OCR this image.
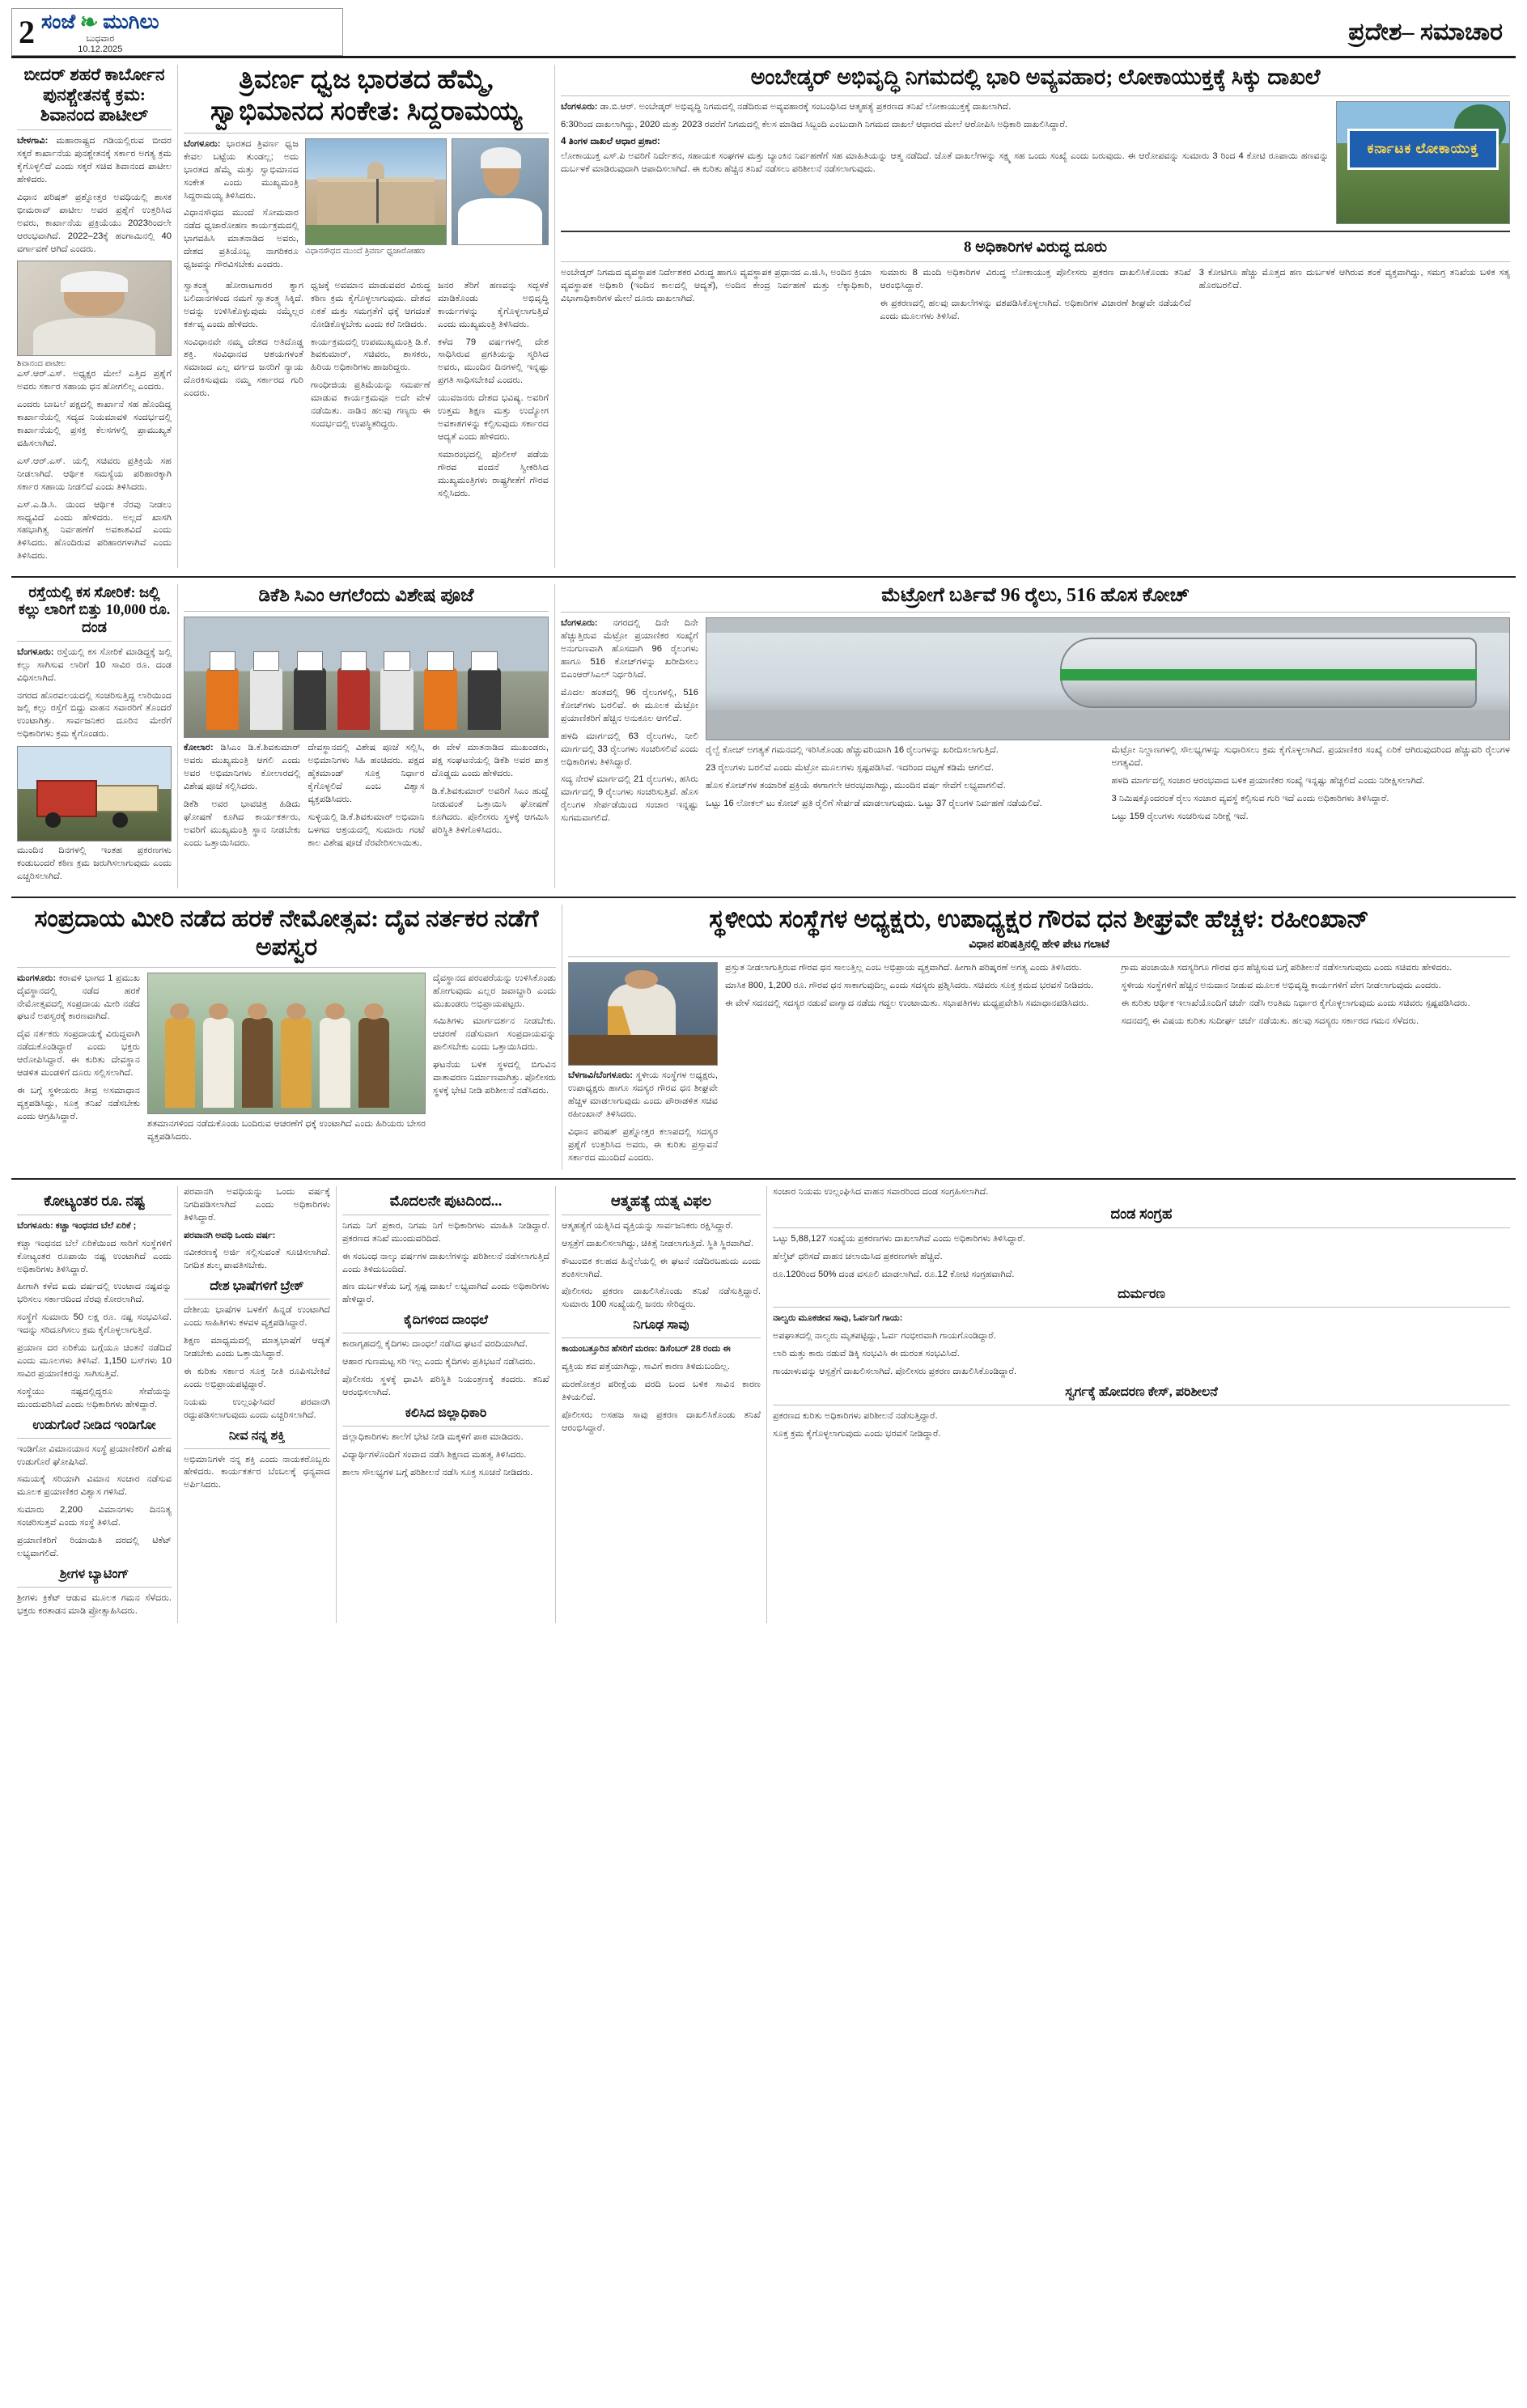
2 ಸಂಜೆ ❧ ಮುಗಿಲು
ಬುಧವಾರ
10.12.2025
ಪ್ರದೇಶ– ಸಮಾಚಾರ
ಬೀದರ್ ಶಹರೆ ಕಾರ್ಬೋನ ಪುನಶ್ಚೇತನಕ್ಕೆ ಕ್ರಮ: ಶಿವಾನಂದ ಪಾಟೀಲ್

ಬೇಳಗಾವಿ: ಮಹಾರಾಷ್ಟ್ರದ ಗಡಿಯಲ್ಲಿರುವ ಬೀದರ ಸಕ್ಕರೆ ಕಾರ್ಖಾನೆಯ ಪುನಶ್ಚೇತನಕ್ಕೆ ಸರ್ಕಾರ ಅಗತ್ಯ ಕ್ರಮ ಕೈಗೊಳ್ಳಲಿದೆ ಎಂದು ಸಕ್ಕರೆ ಸಚಿವ ಶಿವಾನಂದ ಪಾಟೀಲ ಹೇಳಿದರು.

ವಿಧಾನ ಪರಿಷತ್ ಪ್ರಶ್ನೋತ್ತರ ಅವಧಿಯಲ್ಲಿ ಶಾಸಕ ಭೀಮರಾವ್ ಪಾಟೀಲ ಅವರ ಪ್ರಶ್ನೆಗೆ ಉತ್ತರಿಸಿದ ಅವರು, ಕಾರ್ಖಾನೆಯ ಪ್ರಕ್ರಿಯೆಯು 2023ರಿಂದಲೇ ಆರಂಭವಾಗಿದೆ. 2022–23ಕ್ಕೆ ಹಂಗಾಮಿನಲ್ಲಿ 40 ವರ್ಗಾವಣೆ ಆಗಿದೆ ಎಂದರು.

ಶಿವಾನಂದ ಪಾಟೀಲ

ಎಸ್.ಆರ್.ಎಸ್. ಅಧ್ಯಕ್ಷರ ಮೇಲೆ ಎತ್ತಿದ ಪ್ರಶ್ನೆಗೆ ಅವರು ಸರ್ಕಾರ ಸಹಾಯ ಧನ ಹೋಗಲಿಲ್ಲ ಎಂದರು.

ಎಂದರು ಬಾಬಲೆ ಪಕ್ಷದಲ್ಲಿ ಕಾರ್ಖಾನೆ ಸಹ ಹೊಂದಿದ್ದ ಕಾರ್ಖಾನೆಯಲ್ಲಿ ಸದ್ಯದ ನಿಯಮಾವಳಿ ಸಂದರ್ಭದಲ್ಲಿ ಕಾರ್ಖಾನೆಯಲ್ಲಿ ಪ್ರಸಕ್ತ ಕೆಲಸಗಳಲ್ಲಿ ಪ್ರಾಮುಖ್ಯತೆ ವಹಿಸಲಾಗಿದೆ.

ಎಸ್.ಆರ್.ಎಸ್. ಯಲ್ಲಿ ಸಚಿವರು ಪ್ರತಿಕ್ರಿಯೆ ಸಹ ನೀಡಲಾಗಿದೆ. ಆರ್ಥಿಕ ಸಮಸ್ಯೆಯ ಪರಿಹಾರಕ್ಕಾಗಿ ಸರ್ಕಾರ ಸಹಾಯ ನೀಡಲಿದೆ ಎಂದು ತಿಳಿಸಿದರು.

ಎಸ್.ಎ.ಡಿ.ಸಿ. ಯಿಂದ ಆರ್ಥಿಕ ನೆರವು ನೀಡಲು ಸಾಧ್ಯವಿದೆ ಎಂದು ಹೇಳಿದರು. ಅಲ್ಲದೆ ಖಾಸಗಿ ಸಹಭಾಗಿತ್ವ ನಿರ್ವಹಣೆಗೆ ಅವಕಾಶವಿದೆ ಎಂದು ತಿಳಿಸಿದರು. ಹೊಂದಿರುವ ಪರಿಹಾರಗಳಾಗಿವೆ ಎಂದು ತಿಳಿಸಿದರು.

ತ್ರಿವರ್ಣ ಧ್ವಜ ಭಾರತದ ಹೆಮ್ಮೆ, ಸ್ವಾಭಿಮಾನದ ಸಂಕೇತ: ಸಿದ್ದರಾಮಯ್ಯ

ಬೆಂಗಳೂರು: ಭಾರತದ ತ್ರಿವರ್ಣ ಧ್ವಜ ಕೇವಲ ಬಟ್ಟೆಯ ತುಂಡಲ್ಲ; ಅದು ಭಾರತದ ಹೆಮ್ಮೆ ಮತ್ತು ಸ್ವಾಭಿಮಾನದ ಸಂಕೇತ ಎಂದು ಮುಖ್ಯಮಂತ್ರಿ ಸಿದ್ದರಾಮಯ್ಯ ತಿಳಿಸಿದರು.

ವಿಧಾನಸೌಧದ ಮುಂದೆ ಸೋಮವಾರ ನಡೆದ ಧ್ವಜಾರೋಹಣ ಕಾರ್ಯಕ್ರಮದಲ್ಲಿ ಭಾಗವಹಿಸಿ ಮಾತನಾಡಿದ ಅವರು, ದೇಶದ ಪ್ರತಿಯೊಬ್ಬ ನಾಗರಿಕರೂ ಧ್ವಜವನ್ನು ಗೌರವಿಸಬೇಕು ಎಂದರು.

ವಿಧಾನಸೌಧದ ಮುಂದೆ ತ್ರಿವರ್ಣ ಧ್ವಜಾರೋಹಣ

ಸ್ವಾತಂತ್ರ್ಯ ಹೋರಾಟಗಾರರ ತ್ಯಾಗ ಬಲಿದಾನಗಳಿಂದ ನಮಗೆ ಸ್ವಾತಂತ್ರ್ಯ ಸಿಕ್ಕಿದೆ. ಅದನ್ನು ಉಳಿಸಿಕೊಳ್ಳುವುದು ನಮ್ಮೆಲ್ಲರ ಕರ್ತವ್ಯ ಎಂದು ಹೇಳಿದರು.

ಸಂವಿಧಾನವೇ ನಮ್ಮ ದೇಶದ ಅತಿದೊಡ್ಡ ಶಕ್ತಿ. ಸಂವಿಧಾನದ ಆಶಯಗಳಂತೆ ಸಮಾಜದ ಎಲ್ಲ ವರ್ಗದ ಜನರಿಗೆ ನ್ಯಾಯ ದೊರಕಿಸುವುದು ನಮ್ಮ ಸರ್ಕಾರದ ಗುರಿ ಎಂದರು.

ಧ್ವಜಕ್ಕೆ ಅವಮಾನ ಮಾಡುವವರ ವಿರುದ್ಧ ಕಠಿಣ ಕ್ರಮ ಕೈಗೊಳ್ಳಲಾಗುವುದು. ದೇಶದ ಏಕತೆ ಮತ್ತು ಸಮಗ್ರತೆಗೆ ಧಕ್ಕೆ ಆಗದಂತೆ ನೋಡಿಕೊಳ್ಳಬೇಕು ಎಂದು ಕರೆ ನೀಡಿದರು.

ಕಾರ್ಯಕ್ರಮದಲ್ಲಿ ಉಪಮುಖ್ಯಮಂತ್ರಿ ಡಿ.ಕೆ. ಶಿವಕುಮಾರ್, ಸಚಿವರು, ಶಾಸಕರು, ಹಿರಿಯ ಅಧಿಕಾರಿಗಳು ಹಾಜರಿದ್ದರು.

ಗಾಂಧೀಜಿಯ ಪ್ರತಿಮೆಯನ್ನು ಸಮರ್ಪಣೆ ಮಾಡುವ ಕಾರ್ಯಕ್ರಮವೂ ಅದೇ ವೇಳೆ ನಡೆಯಿತು. ನಾಡಿನ ಹಲವು ಗಣ್ಯರು ಈ ಸಂದರ್ಭದಲ್ಲಿ ಉಪಸ್ಥಿತರಿದ್ದರು.

ಜನರ ತೆರಿಗೆ ಹಣವನ್ನು ಸದ್ಬಳಕೆ ಮಾಡಿಕೊಂಡು ಅಭಿವೃದ್ಧಿ ಕಾರ್ಯಗಳನ್ನು ಕೈಗೊಳ್ಳಲಾಗುತ್ತಿದೆ ಎಂದು ಮುಖ್ಯಮಂತ್ರಿ ತಿಳಿಸಿದರು.

ಕಳೆದ 79 ವರ್ಷಗಳಲ್ಲಿ ದೇಶ ಸಾಧಿಸಿರುವ ಪ್ರಗತಿಯನ್ನು ಸ್ಮರಿಸಿದ ಅವರು, ಮುಂದಿನ ದಿನಗಳಲ್ಲಿ ಇನ್ನಷ್ಟು ಪ್ರಗತಿ ಸಾಧಿಸಬೇಕಿದೆ ಎಂದರು.

ಯುವಜನರು ದೇಶದ ಭವಿಷ್ಯ. ಅವರಿಗೆ ಉತ್ತಮ ಶಿಕ್ಷಣ ಮತ್ತು ಉದ್ಯೋಗ ಅವಕಾಶಗಳನ್ನು ಕಲ್ಪಿಸುವುದು ಸರ್ಕಾರದ ಆದ್ಯತೆ ಎಂದು ಹೇಳಿದರು.

ಸಮಾರಂಭದಲ್ಲಿ ಪೊಲೀಸ್ ಪಡೆಯ ಗೌರವ ವಂದನೆ ಸ್ವೀಕರಿಸಿದ ಮುಖ್ಯಮಂತ್ರಿಗಳು ರಾಷ್ಟ್ರಗೀತೆಗೆ ಗೌರವ ಸಲ್ಲಿಸಿದರು.

ಅಂಬೇಡ್ಕರ್ ಅಭಿವೃದ್ಧಿ ನಿಗಮದಲ್ಲಿ ಭಾರಿ ಅವ್ಯವಹಾರ; ಲೋಕಾಯುಕ್ತಕ್ಕೆ ಸಿಕ್ಕು ದಾಖಲೆ

ಬೆಂಗಳೂರು: ಡಾ.ಬಿ.ಆರ್. ಅಂಬೇಡ್ಕರ್ ಅಭಿವೃದ್ಧಿ ನಿಗಮದಲ್ಲಿ ನಡೆದಿರುವ ಅವ್ಯವಹಾರಕ್ಕೆ ಸಂಬಂಧಿಸಿದ ಆತ್ಮಹತ್ಯೆ ಪ್ರಕರಣದ ತನಿಖೆ ಲೋಕಾಯುಕ್ತಕ್ಕೆ ದಾಖಲಾಗಿದೆ.

6:30ರಿಂದ ದಾಖಲಾಗಿದ್ದು, 2020 ಮತ್ತು 2023 ರವರೆಗೆ ನಿಗಮದಲ್ಲಿ ಕೆಲಸ ಮಾಡಿದ ಸಿಬ್ಬಂದಿ ಎಂಬುದಾಗಿ ನಿಗಮದ ದಾಖಲೆ ಆಧಾರದ ಮೇಲೆ ಆರೋಪಿಸಿ ಅಧಿಕಾರಿ ದಾಖಲಿಸಿದ್ದಾರೆ.

4 ತಿಂಗಳ ದಾಖಲೆ ಆಧಾರ ಪ್ರಕಾರ:

ಲೋಕಾಯುಕ್ತ ಎಸ್.ಪಿ ಅವರಿಗೆ ನಿರ್ದೇಶನ, ಸಹಾಯಕ ಸಂಘಗಳ ಮತ್ತು ಬ್ಯಾಂಕಿನ ನಿರ್ವಹಣೆಗೆ ಸಹ ಮಾಹಿತಿಯನ್ನು ಆತ್ಮ ನಡೆದಿದೆ. ಜೊತೆ ದಾಖಲೆಗಳನ್ನು ಸಕ್ಷ್ಮ ಸಹ ಒಂದು ಸಂಖ್ಯೆ ಎಂದು ಬರುವುದು. ಈ ಆರೋಪವನ್ನು ಸುಮಾರು 3 ರಿಂದ 4 ಕೋಟಿ ರೂಪಾಯಿ ಹಣವನ್ನು ದುರ್ಬಳಕೆ ಮಾಡಿರುವುದಾಗಿ ಆಪಾದಿಸಲಾಗಿದೆ. ಈ ಕುರಿತು ಹೆಚ್ಚಿನ ತನಿಖೆ ನಡೆಸಲು ಪರಿಶೀಲನೆ ನಡೆಸಲಾಗುವುದು.

ಕರ್ನಾಟಕ ಲೋಕಾಯುಕ್ತ
8 ಅಧಿಕಾರಿಗಳ ವಿರುದ್ಧ ದೂರು

ಅಂಬೇಡ್ಕರ್ ನಿಗಮದ ವ್ಯವಸ್ಥಾಪಕ ನಿರ್ದೇಶಕರ ವಿರುದ್ಧ ಹಾಗೂ ವ್ಯವಸ್ಥಾಪಕ ಪ್ರಧಾನದ ಎ.ಜಿ.ಸಿ, ಅಂದಿನ ಕ್ರಿಯಾ ವ್ಯವಸ್ಥಾಪಕ ಅಧಿಕಾರಿ (ಇಂದಿನ ಕಾಲದಲ್ಲಿ ಆದ್ಯತೆ), ಅಂದಿನ ಕೇಂದ್ರ ನಿರ್ವಹಣೆ ಮತ್ತು ಲೆಕ್ಕಾಧಿಕಾರಿ, ವಿಭಾಗಾಧಿಕಾರಿಗಳ ಮೇಲೆ ದೂರು ದಾಖಲಾಗಿದೆ.

ಸುಮಾರು 8 ಮಂದಿ ಅಧಿಕಾರಿಗಳ ವಿರುದ್ಧ ಲೋಕಾಯುಕ್ತ ಪೊಲೀಸರು ಪ್ರಕರಣ ದಾಖಲಿಸಿಕೊಂಡು ತನಿಖೆ ಆರಂಭಿಸಿದ್ದಾರೆ.

ಈ ಪ್ರಕರಣದಲ್ಲಿ ಹಲವು ದಾಖಲೆಗಳನ್ನು ವಶಪಡಿಸಿಕೊಳ್ಳಲಾಗಿದೆ. ಅಧಿಕಾರಿಗಳ ವಿಚಾರಣೆ ಶೀಘ್ರವೇ ನಡೆಯಲಿದೆ ಎಂದು ಮೂಲಗಳು ತಿಳಿಸಿವೆ.

3 ಕೋಟಿಗೂ ಹೆಚ್ಚು ಮೊತ್ತದ ಹಣ ದುರ್ಬಳಕೆ ಆಗಿರುವ ಶಂಕೆ ವ್ಯಕ್ತವಾಗಿದ್ದು, ಸಮಗ್ರ ತನಿಖೆಯ ಬಳಿಕ ಸತ್ಯ ಹೊರಬರಲಿದೆ.

ರಸ್ತೆಯಲ್ಲಿ ಕಸ ಸೋರಿಕೆ: ಜಲ್ಲಿ ಕಲ್ಲು ಲಾರಿಗೆ ಬಿತ್ತು 10,000 ರೂ. ದಂಡ

ಬೆಂಗಳೂರು: ರಸ್ತೆಯಲ್ಲಿ ಕಸ ಸೋರಿಕೆ ಮಾಡಿದ್ದಕ್ಕೆ ಜಲ್ಲಿ ಕಲ್ಲು ಸಾಗಿಸುವ ಲಾರಿಗೆ 10 ಸಾವಿರ ರೂ. ದಂಡ ವಿಧಿಸಲಾಗಿದೆ.

ನಗರದ ಹೊರವಲಯದಲ್ಲಿ ಸಂಚರಿಸುತ್ತಿದ್ದ ಲಾರಿಯಿಂದ ಜಲ್ಲಿ ಕಲ್ಲು ರಸ್ತೆಗೆ ಬಿದ್ದು ವಾಹನ ಸವಾರರಿಗೆ ತೊಂದರೆ ಉಂಟಾಗಿತ್ತು. ಸಾರ್ವಜನಿಕರ ದೂರಿನ ಮೇರೆಗೆ ಅಧಿಕಾರಿಗಳು ಕ್ರಮ ಕೈಗೊಂಡರು.

ಮುಂದಿನ ದಿನಗಳಲ್ಲಿ ಇಂತಹ ಪ್ರಕರಣಗಳು ಕಂಡುಬಂದರೆ ಕಠಿಣ ಕ್ರಮ ಜರುಗಿಸಲಾಗುವುದು ಎಂದು ಎಚ್ಚರಿಸಲಾಗಿದೆ.

ಡಿಕೆಶಿ ಸಿಎಂ ಆಗಲೆಂದು ವಿಶೇಷ ಪೂಜೆ

ಕೋಲಾರ: ಡಿಸಿಎಂ ಡಿ.ಕೆ.ಶಿವಕುಮಾರ್ ಅವರು ಮುಖ್ಯಮಂತ್ರಿ ಆಗಲಿ ಎಂದು ಅವರ ಅಭಿಮಾನಿಗಳು ಕೋಲಾರದಲ್ಲಿ ವಿಶೇಷ ಪೂಜೆ ಸಲ್ಲಿಸಿದರು.

ಡಿಕೆಶಿ ಅವರ ಭಾವಚಿತ್ರ ಹಿಡಿದು ಘೋಷಣೆ ಕೂಗಿದ ಕಾರ್ಯಕರ್ತರು, ಅವರಿಗೆ ಮುಖ್ಯಮಂತ್ರಿ ಸ್ಥಾನ ನೀಡಬೇಕು ಎಂದು ಒತ್ತಾಯಿಸಿದರು.

ದೇವಸ್ಥಾನದಲ್ಲಿ ವಿಶೇಷ ಪೂಜೆ ಸಲ್ಲಿಸಿ, ಅಭಿಮಾನಿಗಳು ಸಿಹಿ ಹಂಚಿದರು. ಪಕ್ಷದ ಹೈಕಮಾಂಡ್ ಸೂಕ್ತ ನಿರ್ಧಾರ ಕೈಗೊಳ್ಳಲಿದೆ ಎಂಬ ವಿಶ್ವಾಸ ವ್ಯಕ್ತಪಡಿಸಿದರು.

ಸುಳ್ಳಿಯಲ್ಲಿ ಡಿ.ಕೆ.ಶಿವಕುಮಾರ್ ಅಭಿಮಾನಿ ಬಳಗದ ಆಶ್ರಯದಲ್ಲಿ ಸುಮಾರು ಗಂಟೆ ಕಾಲ ವಿಶೇಷ ಪೂಜೆ ನೆರವೇರಿಸಲಾಯಿತು.

ಈ ವೇಳೆ ಮಾತನಾಡಿದ ಮುಖಂಡರು, ಪಕ್ಷ ಸಂಘಟನೆಯಲ್ಲಿ ಡಿಕೆಶಿ ಅವರ ಪಾತ್ರ ದೊಡ್ಡದು ಎಂದು ಹೇಳಿದರು.

ಡಿ.ಕೆ.ಶಿವಕುಮಾರ್ ಅವರಿಗೆ ಸಿಎಂ ಹುದ್ದೆ ನೀಡುವಂತೆ ಒತ್ತಾಯಿಸಿ ಘೋಷಣೆ ಕೂಗಿದರು. ಪೊಲೀಸರು ಸ್ಥಳಕ್ಕೆ ಆಗಮಿಸಿ ಪರಿಸ್ಥಿತಿ ತಿಳಿಗೊಳಿಸಿದರು.

ಮೆಟ್ರೋಗೆ ಬರ್ತಿವೆ 96 ರೈಲು, 516 ಹೊಸ ಕೋಚ್

ಬೆಂಗಳೂರು: ನಗರದಲ್ಲಿ ದಿನೇ ದಿನೇ ಹೆಚ್ಚುತ್ತಿರುವ ಮೆಟ್ರೋ ಪ್ರಯಾಣಿಕರ ಸಂಖ್ಯೆಗೆ ಅನುಗುಣವಾಗಿ ಹೊಸದಾಗಿ 96 ರೈಲುಗಳು ಹಾಗೂ 516 ಕೋಚ್‌ಗಳನ್ನು ಖರೀದಿಸಲು ಬಿಎಂಆರ್‌ಸಿಎಲ್ ನಿರ್ಧರಿಸಿದೆ.

ಮೊದಲ ಹಂತದಲ್ಲಿ 96 ರೈಲುಗಳಲ್ಲಿ, 516 ಕೋಚ್‌ಗಳು ಬರಲಿವೆ. ಈ ಮೂಲಕ ಮೆಟ್ರೋ ಪ್ರಯಾಣಿಕರಿಗೆ ಹೆಚ್ಚಿನ ಅನುಕೂಲ ಆಗಲಿದೆ.

ಹಳದಿ ಮಾರ್ಗದಲ್ಲಿ 63 ರೈಲುಗಳು, ನೀಲಿ ಮಾರ್ಗದಲ್ಲಿ 33 ರೈಲುಗಳು ಸಂಚರಿಸಲಿವೆ ಎಂದು ಅಧಿಕಾರಿಗಳು ತಿಳಿಸಿದ್ದಾರೆ.

ಸದ್ಯ ನೇರಳೆ ಮಾರ್ಗದಲ್ಲಿ 21 ರೈಲುಗಳು, ಹಸಿರು ಮಾರ್ಗದಲ್ಲಿ 9 ರೈಲುಗಳು ಸಂಚರಿಸುತ್ತಿವೆ. ಹೊಸ ರೈಲುಗಳ ಸೇರ್ಪಡೆಯಿಂದ ಸಂಚಾರ ಇನ್ನಷ್ಟು ಸುಗಮವಾಗಲಿದೆ.

ರೈಲ್ವೆ ಕೋಚ್ ಅಗತ್ಯತೆ ಗಮನದಲ್ಲಿ ಇರಿಸಿಕೊಂಡು ಹೆಚ್ಚುವರಿಯಾಗಿ 16 ರೈಲುಗಳನ್ನು ಖರೀದಿಸಲಾಗುತ್ತಿದೆ.

23 ರೈಲುಗಳು ಬರಲಿವೆ ಎಂದು ಮೆಟ್ರೋ ಮೂಲಗಳು ಸ್ಪಷ್ಟಪಡಿಸಿವೆ. ಇದರಿಂದ ದಟ್ಟಣೆ ಕಡಿಮೆ ಆಗಲಿದೆ.

ಹೊಸ ಕೋಚ್‌ಗಳ ತಯಾರಿಕೆ ಪ್ರಕ್ರಿಯೆ ಈಗಾಗಲೇ ಆರಂಭವಾಗಿದ್ದು, ಮುಂದಿನ ವರ್ಷ ಸೇವೆಗೆ ಲಭ್ಯವಾಗಲಿವೆ.

ಒಟ್ಟು 16 ಲೋಕಲ್ ಟು ಕೋಚ್ ಪ್ರತಿ ರೈಲಿಗೆ ಸೇರ್ಪಡೆ ಮಾಡಲಾಗುವುದು. ಒಟ್ಟು 37 ರೈಲುಗಳ ನಿರ್ವಹಣೆ ನಡೆಯಲಿದೆ.

ಮೆಟ್ರೋ ನಿಲ್ದಾಣಗಳಲ್ಲಿ ಸೌಲಭ್ಯಗಳನ್ನು ಸುಧಾರಿಸಲು ಕ್ರಮ ಕೈಗೊಳ್ಳಲಾಗಿದೆ. ಪ್ರಯಾಣಿಕರ ಸಂಖ್ಯೆ ಏರಿಕೆ ಆಗಿರುವುದರಿಂದ ಹೆಚ್ಚುವರಿ ರೈಲುಗಳ ಅಗತ್ಯವಿದೆ.

ಹಳದಿ ಮಾರ್ಗದಲ್ಲಿ ಸಂಚಾರ ಆರಂಭವಾದ ಬಳಿಕ ಪ್ರಯಾಣಿಕರ ಸಂಖ್ಯೆ ಇನ್ನಷ್ಟು ಹೆಚ್ಚಲಿದೆ ಎಂದು ನಿರೀಕ್ಷಿಸಲಾಗಿದೆ.

3 ನಿಮಿಷಕ್ಕೊಂದರಂತೆ ರೈಲು ಸಂಚಾರ ವ್ಯವಸ್ಥೆ ಕಲ್ಪಿಸುವ ಗುರಿ ಇದೆ ಎಂದು ಅಧಿಕಾರಿಗಳು ತಿಳಿಸಿದ್ದಾರೆ.

ಒಟ್ಟು 159 ರೈಲುಗಳು ಸಂಚರಿಸುವ ನಿರೀಕ್ಷೆ ಇದೆ.

ಸಂಪ್ರದಾಯ ಮೀರಿ ನಡೆದ ಹರಕೆ ನೇಮೋತ್ಸವ: ದೈವ ನರ್ತಕರ ನಡೆಗೆ ಅಪಸ್ವರ

ಮಂಗಳೂರು: ಕರಾವಳಿ ಭಾಗದ 1 ಪ್ರಮುಖ ದೈವಸ್ಥಾನದಲ್ಲಿ ನಡೆದ ಹರಕೆ ನೇಮೋತ್ಸವದಲ್ಲಿ ಸಂಪ್ರದಾಯ ಮೀರಿ ನಡೆದ ಘಟನೆ ಅಪಸ್ವರಕ್ಕೆ ಕಾರಣವಾಗಿದೆ.

ದೈವ ನರ್ತಕರು ಸಂಪ್ರದಾಯಕ್ಕೆ ವಿರುದ್ಧವಾಗಿ ನಡೆದುಕೊಂಡಿದ್ದಾರೆ ಎಂದು ಭಕ್ತರು ಆರೋಪಿಸಿದ್ದಾರೆ. ಈ ಕುರಿತು ದೇವಸ್ಥಾನ ಆಡಳಿತ ಮಂಡಳಿಗೆ ದೂರು ಸಲ್ಲಿಸಲಾಗಿದೆ.

ಈ ಬಗ್ಗೆ ಸ್ಥಳೀಯರು ತೀವ್ರ ಅಸಮಾಧಾನ ವ್ಯಕ್ತಪಡಿಸಿದ್ದು, ಸೂಕ್ತ ತನಿಖೆ ನಡೆಸಬೇಕು ಎಂದು ಆಗ್ರಹಿಸಿದ್ದಾರೆ.

ಶತಮಾನಗಳಿಂದ ನಡೆದುಕೊಂಡು ಬಂದಿರುವ ಆಚರಣೆಗೆ ಧಕ್ಕೆ ಉಂಟಾಗಿದೆ ಎಂದು ಹಿರಿಯರು ಬೇಸರ ವ್ಯಕ್ತಪಡಿಸಿದರು.

ದೈವಸ್ಥಾನದ ಪರಂಪರೆಯನ್ನು ಉಳಿಸಿಕೊಂಡು ಹೋಗುವುದು ಎಲ್ಲರ ಜವಾಬ್ದಾರಿ ಎಂದು ಮುಖಂಡರು ಅಭಿಪ್ರಾಯಪಟ್ಟರು.

ಸಮಿತಿಗಳು ಮಾರ್ಗದರ್ಶನ ನೀಡಬೇಕು. ಆಚರಣೆ ನಡೆಸುವಾಗ ಸಂಪ್ರದಾಯವನ್ನು ಪಾಲಿಸಬೇಕು ಎಂದು ಒತ್ತಾಯಿಸಿದರು.

ಘಟನೆಯ ಬಳಿಕ ಸ್ಥಳದಲ್ಲಿ ಬಿಗುವಿನ ವಾತಾವರಣ ನಿರ್ಮಾಣವಾಗಿತ್ತು. ಪೊಲೀಸರು ಸ್ಥಳಕ್ಕೆ ಭೇಟಿ ನೀಡಿ ಪರಿಶೀಲನೆ ನಡೆಸಿದರು.

ಸ್ಥಳೀಯ ಸಂಸ್ಥೆಗಳ ಅಧ್ಯಕ್ಷರು, ಉಪಾಧ್ಯಕ್ಷರ ಗೌರವ ಧನ ಶೀಘ್ರವೇ ಹೆಚ್ಚಳ: ರಹೀಂಖಾನ್
ವಿಧಾನ ಪರಿಷತ್ತಿನಲ್ಲಿ ಹೇಳಿ ಪೇಟ ಗಲಾಟೆ

ಬೆಳಗಾವಿ/ಬೆಂಗಳೂರು: ಸ್ಥಳೀಯ ಸಂಸ್ಥೆಗಳ ಅಧ್ಯಕ್ಷರು, ಉಪಾಧ್ಯಕ್ಷರು ಹಾಗೂ ಸದಸ್ಯರ ಗೌರವ ಧನ ಶೀಘ್ರವೇ ಹೆಚ್ಚಳ ಮಾಡಲಾಗುವುದು ಎಂದು ಪೌರಾಡಳಿತ ಸಚಿವ ರಹೀಂಖಾನ್ ತಿಳಿಸಿದರು.

ವಿಧಾನ ಪರಿಷತ್ ಪ್ರಶ್ನೋತ್ತರ ಕಲಾಪದಲ್ಲಿ ಸದಸ್ಯರ ಪ್ರಶ್ನೆಗೆ ಉತ್ತರಿಸಿದ ಅವರು, ಈ ಕುರಿತು ಪ್ರಸ್ತಾವನೆ ಸರ್ಕಾರದ ಮುಂದಿದೆ ಎಂದರು.

ಪ್ರಸ್ತುತ ನೀಡಲಾಗುತ್ತಿರುವ ಗೌರವ ಧನ ಸಾಲುತ್ತಿಲ್ಲ ಎಂಬ ಅಭಿಪ್ರಾಯ ವ್ಯಕ್ತವಾಗಿದೆ. ಹೀಗಾಗಿ ಪರಿಷ್ಕರಣೆ ಅಗತ್ಯ ಎಂದು ತಿಳಿಸಿದರು.

ಮಾಸಿಕ 800, 1,200 ರೂ. ಗೌರವ ಧನ ಸಾಕಾಗುವುದಿಲ್ಲ ಎಂದು ಸದಸ್ಯರು ಪ್ರಶ್ನಿಸಿದರು. ಸಚಿವರು ಸೂಕ್ತ ಕ್ರಮದ ಭರವಸೆ ನೀಡಿದರು.

ಈ ವೇಳೆ ಸದನದಲ್ಲಿ ಸದಸ್ಯರ ನಡುವೆ ವಾಗ್ವಾದ ನಡೆದು ಗದ್ದಲ ಉಂಟಾಯಿತು. ಸಭಾಪತಿಗಳು ಮಧ್ಯಪ್ರವೇಶಿಸಿ ಸಮಾಧಾನಪಡಿಸಿದರು.

ಗ್ರಾಮ ಪಂಚಾಯಿತಿ ಸದಸ್ಯರಿಗೂ ಗೌರವ ಧನ ಹೆಚ್ಚಿಸುವ ಬಗ್ಗೆ ಪರಿಶೀಲನೆ ನಡೆಸಲಾಗುವುದು ಎಂದು ಸಚಿವರು ಹೇಳಿದರು.

ಸ್ಥಳೀಯ ಸಂಸ್ಥೆಗಳಿಗೆ ಹೆಚ್ಚಿನ ಅನುದಾನ ನೀಡುವ ಮೂಲಕ ಅಭಿವೃದ್ಧಿ ಕಾರ್ಯಗಳಿಗೆ ವೇಗ ನೀಡಲಾಗುವುದು ಎಂದರು.

ಈ ಕುರಿತು ಆರ್ಥಿಕ ಇಲಾಖೆಯೊಂದಿಗೆ ಚರ್ಚೆ ನಡೆಸಿ ಅಂತಿಮ ನಿರ್ಧಾರ ಕೈಗೊಳ್ಳಲಾಗುವುದು ಎಂದು ಸಚಿವರು ಸ್ಪಷ್ಟಪಡಿಸಿದರು.

ಸದನದಲ್ಲಿ ಈ ವಿಷಯ ಕುರಿತು ಸುದೀರ್ಘ ಚರ್ಚೆ ನಡೆಯಿತು. ಹಲವು ಸದಸ್ಯರು ಸರ್ಕಾರದ ಗಮನ ಸೆಳೆದರು.

ಕೋಟ್ಯಂತರ ರೂ. ನಷ್ಟ

ಬೆಂಗಳೂರು: ಕಚ್ಚಾ ಇಂಧನದ ಬೆಲೆ ಏರಿಕೆ ;

ಕಚ್ಚಾ ಇಂಧನದ ಬೆಲೆ ಏರಿಕೆಯಿಂದ ಸಾರಿಗೆ ಸಂಸ್ಥೆಗಳಿಗೆ ಕೋಟ್ಯಂತರ ರೂಪಾಯಿ ನಷ್ಟ ಉಂಟಾಗಿದೆ ಎಂದು ಅಧಿಕಾರಿಗಳು ತಿಳಿಸಿದ್ದಾರೆ.

ಹೀಗಾಗಿ ಕಳೆದ ಐದು ವರ್ಷದಲ್ಲಿ ಉಂಟಾದ ನಷ್ಟವನ್ನು ಭರಿಸಲು ಸರ್ಕಾರದಿಂದ ನೆರವು ಕೋರಲಾಗಿದೆ.

ಸಂಸ್ಥೆಗೆ ಸುಮಾರು 50 ಲಕ್ಷ ರೂ. ನಷ್ಟ ಸಂಭವಿಸಿದೆ. ಇದನ್ನು ಸರಿದೂಗಿಸಲು ಕ್ರಮ ಕೈಗೊಳ್ಳಲಾಗುತ್ತಿದೆ.

ಪ್ರಯಾಣ ದರ ಏರಿಕೆಯ ಬಗ್ಗೆಯೂ ಚಿಂತನೆ ನಡೆದಿದೆ ಎಂದು ಮೂಲಗಳು ತಿಳಿಸಿವೆ. 1,150 ಬಸ್‌ಗಳು 10 ಸಾವಿರ ಪ್ರಯಾಣಿಕರನ್ನು ಸಾಗಿಸುತ್ತಿವೆ.

ಸಂಸ್ಥೆಯು ನಷ್ಟದಲ್ಲಿದ್ದರೂ ಸೇವೆಯನ್ನು ಮುಂದುವರಿಸಿದೆ ಎಂದು ಅಧಿಕಾರಿಗಳು ಹೇಳಿದ್ದಾರೆ.

ಉಡುಗೊರೆ ನೀಡಿದ ಇಂಡಿಗೋ

ಇಂಡಿಗೋ ವಿಮಾನಯಾನ ಸಂಸ್ಥೆ ಪ್ರಯಾಣಿಕರಿಗೆ ವಿಶೇಷ ಉಡುಗೊರೆ ಘೋಷಿಸಿದೆ.

ಸಮಯಕ್ಕೆ ಸರಿಯಾಗಿ ವಿಮಾನ ಸಂಚಾರ ನಡೆಸುವ ಮೂಲಕ ಪ್ರಯಾಣಿಕರ ವಿಶ್ವಾಸ ಗಳಿಸಿದೆ.

ಸುಮಾರು 2,200 ವಿಮಾನಗಳು ದಿನನಿತ್ಯ ಸಂಚರಿಸುತ್ತವೆ ಎಂದು ಸಂಸ್ಥೆ ತಿಳಿಸಿದೆ.

ಪ್ರಯಾಣಿಕರಿಗೆ ರಿಯಾಯಿತಿ ದರದಲ್ಲಿ ಟಿಕೆಟ್ ಲಭ್ಯವಾಗಲಿದೆ.

ಶ್ರೀಗಳ ಬ್ಯಾಟಿಂಗ್

ಶ್ರೀಗಳು ಕ್ರಿಕೆಟ್ ಆಡುವ ಮೂಲಕ ಗಮನ ಸೆಳೆದರು. ಭಕ್ತರು ಕರತಾಡನ ಮಾಡಿ ಪ್ರೋತ್ಸಾಹಿಸಿದರು.

ಪರವಾನಗಿ ಅವಧಿಯನ್ನು ಒಂದು ವರ್ಷಕ್ಕೆ ನಿಗದಿಪಡಿಸಲಾಗಿದೆ ಎಂದು ಅಧಿಕಾರಿಗಳು ತಿಳಿಸಿದ್ದಾರೆ.

ಪರವಾನಗಿ ಅವಧಿ ಒಂದು ವರ್ಷ:

ನವೀಕರಣಕ್ಕೆ ಅರ್ಜಿ ಸಲ್ಲಿಸುವಂತೆ ಸೂಚಿಸಲಾಗಿದೆ. ನಿಗದಿತ ಶುಲ್ಕ ಪಾವತಿಸಬೇಕು.

ದೇಶ ಭಾಷೆಗಳಿಗೆ ಬ್ರೇಕ್

ದೇಶೀಯ ಭಾಷೆಗಳ ಬಳಕೆಗೆ ಹಿನ್ನಡೆ ಉಂಟಾಗಿದೆ ಎಂದು ಸಾಹಿತಿಗಳು ಕಳವಳ ವ್ಯಕ್ತಪಡಿಸಿದ್ದಾರೆ.

ಶಿಕ್ಷಣ ಮಾಧ್ಯಮದಲ್ಲಿ ಮಾತೃಭಾಷೆಗೆ ಆದ್ಯತೆ ನೀಡಬೇಕು ಎಂದು ಒತ್ತಾಯಿಸಿದ್ದಾರೆ.

ಈ ಕುರಿತು ಸರ್ಕಾರ ಸೂಕ್ತ ನೀತಿ ರೂಪಿಸಬೇಕಿದೆ ಎಂದು ಅಭಿಪ್ರಾಯಪಟ್ಟಿದ್ದಾರೆ.

ನಿಯಮ ಉಲ್ಲಂಘಿಸಿದರೆ ಪರವಾನಗಿ ರದ್ದುಪಡಿಸಲಾಗುವುದು ಎಂದು ಎಚ್ಚರಿಸಲಾಗಿದೆ.

ನೀವ ನನ್ನ ಶಕ್ತಿ

ಅಭಿಮಾನಿಗಳೇ ನನ್ನ ಶಕ್ತಿ ಎಂದು ನಾಯಕರೊಬ್ಬರು ಹೇಳಿದರು. ಕಾರ್ಯಕರ್ತರ ಬೆಂಬಲಕ್ಕೆ ಧನ್ಯವಾದ ಅರ್ಪಿಸಿದರು.

ಮೊದಲನೇ ಪುಟದಿಂದ...

ನಿಗಮ ನಿಗೆ ಪ್ರಕಾರ, ನಿಗಮ ನಿಗೆ ಅಧಿಕಾರಿಗಳು ಮಾಹಿತಿ ನೀಡಿದ್ದಾರೆ. ಪ್ರಕರಣದ ತನಿಖೆ ಮುಂದುವರಿದಿದೆ.

ಈ ಸಂಬಂಧ ನಾಲ್ಕು ವರ್ಷಗಳ ದಾಖಲೆಗಳನ್ನು ಪರಿಶೀಲನೆ ನಡೆಸಲಾಗುತ್ತಿದೆ ಎಂದು ತಿಳಿದುಬಂದಿದೆ.

ಹಣ ದುರ್ಬಳಕೆಯ ಬಗ್ಗೆ ಸ್ಪಷ್ಟ ದಾಖಲೆ ಲಭ್ಯವಾಗಿದೆ ಎಂದು ಅಧಿಕಾರಿಗಳು ಹೇಳಿದ್ದಾರೆ.

ಕೈದಿಗಳಿಂದ ದಾಂಧಲೆ

ಕಾರಾಗೃಹದಲ್ಲಿ ಕೈದಿಗಳು ದಾಂಧಲೆ ನಡೆಸಿದ ಘಟನೆ ವರದಿಯಾಗಿದೆ.

ಆಹಾರ ಗುಣಮಟ್ಟ ಸರಿ ಇಲ್ಲ ಎಂದು ಕೈದಿಗಳು ಪ್ರತಿಭಟನೆ ನಡೆಸಿದರು.

ಪೊಲೀಸರು ಸ್ಥಳಕ್ಕೆ ಧಾವಿಸಿ ಪರಿಸ್ಥಿತಿ ನಿಯಂತ್ರಣಕ್ಕೆ ತಂದರು. ತನಿಖೆ ಆರಂಭಿಸಲಾಗಿದೆ.

ಕಲಿಸಿದ ಜಿಲ್ಲಾಧಿಕಾರಿ

ಜಿಲ್ಲಾಧಿಕಾರಿಗಳು ಶಾಲೆಗೆ ಭೇಟಿ ನೀಡಿ ಮಕ್ಕಳಿಗೆ ಪಾಠ ಮಾಡಿದರು.

ವಿದ್ಯಾರ್ಥಿಗಳೊಂದಿಗೆ ಸಂವಾದ ನಡೆಸಿ ಶಿಕ್ಷಣದ ಮಹತ್ವ ತಿಳಿಸಿದರು.

ಶಾಲಾ ಸೌಲಭ್ಯಗಳ ಬಗ್ಗೆ ಪರಿಶೀಲನೆ ನಡೆಸಿ ಸೂಕ್ತ ಸೂಚನೆ ನೀಡಿದರು.

ಆತ್ಮಹತ್ಯೆ ಯತ್ನ ವಿಫಲ

ಆತ್ಮಹತ್ಯೆಗೆ ಯತ್ನಿಸಿದ ವ್ಯಕ್ತಿಯನ್ನು ಸಾರ್ವಜನಿಕರು ರಕ್ಷಿಸಿದ್ದಾರೆ.

ಆಸ್ಪತ್ರೆಗೆ ದಾಖಲಿಸಲಾಗಿದ್ದು, ಚಿಕಿತ್ಸೆ ನೀಡಲಾಗುತ್ತಿದೆ. ಸ್ಥಿತಿ ಸ್ಥಿರವಾಗಿದೆ.

ಕೌಟುಂಬಿಕ ಕಲಹದ ಹಿನ್ನೆಲೆಯಲ್ಲಿ ಈ ಘಟನೆ ನಡೆದಿರಬಹುದು ಎಂದು ಶಂಕಿಸಲಾಗಿದೆ.

ಪೊಲೀಸರು ಪ್ರಕರಣ ದಾಖಲಿಸಿಕೊಂಡು ತನಿಖೆ ನಡೆಸುತ್ತಿದ್ದಾರೆ. ಸುಮಾರು 100 ಸಂಖ್ಯೆಯಲ್ಲಿ ಜನರು ಸೇರಿದ್ದರು.

ನಿಗೂಢ ಸಾವು

ಕಾಯಂಬತ್ತೂರಿನ ಹೆಸರಿಗೆ ಮರಣ: ಡಿಸೆಂಬರ್ 28 ರಂದು ಈ

ವ್ಯಕ್ತಿಯ ಶವ ಪತ್ತೆಯಾಗಿದ್ದು, ಸಾವಿಗೆ ಕಾರಣ ತಿಳಿದುಬಂದಿಲ್ಲ.

ಮರಣೋತ್ತರ ಪರೀಕ್ಷೆಯ ವರದಿ ಬಂದ ಬಳಿಕ ಸಾವಿನ ಕಾರಣ ತಿಳಿಯಲಿದೆ.

ಪೊಲೀಸರು ಅಸಹಜ ಸಾವು ಪ್ರಕರಣ ದಾಖಲಿಸಿಕೊಂಡು ತನಿಖೆ ಆರಂಭಿಸಿದ್ದಾರೆ.

ಸಂಚಾರ ನಿಯಮ ಉಲ್ಲಂಘಿಸಿದ ವಾಹನ ಸವಾರರಿಂದ ದಂಡ ಸಂಗ್ರಹಿಸಲಾಗಿದೆ.

ದಂಡ ಸಂಗ್ರಹ

ಒಟ್ಟು 5,88,127 ಸಂಖ್ಯೆಯ ಪ್ರಕರಣಗಳು ದಾಖಲಾಗಿವೆ ಎಂದು ಅಧಿಕಾರಿಗಳು ತಿಳಿಸಿದ್ದಾರೆ.

ಹೆಲ್ಮೆಟ್ ಧರಿಸದೆ ವಾಹನ ಚಲಾಯಿಸಿದ ಪ್ರಕರಣಗಳೇ ಹೆಚ್ಚಿವೆ.

ರೂ.120ರಿಂದ 50% ದಂಡ ವಸೂಲಿ ಮಾಡಲಾಗಿದೆ. ರೂ.12 ಕೋಟಿ ಸಂಗ್ರಹವಾಗಿದೆ.

ದುರ್ಮರಣ

ನಾಲ್ವರು ಮೂಕಜೀವ ಸಾವು, ಓರ್ವನಿಗೆ ಗಾಯ:

ಅಪಘಾತದಲ್ಲಿ ನಾಲ್ವರು ಮೃತಪಟ್ಟಿದ್ದು, ಓರ್ವ ಗಂಭೀರವಾಗಿ ಗಾಯಗೊಂಡಿದ್ದಾರೆ.

ಲಾರಿ ಮತ್ತು ಕಾರು ನಡುವೆ ಡಿಕ್ಕಿ ಸಂಭವಿಸಿ ಈ ದುರಂತ ಸಂಭವಿಸಿದೆ.

ಗಾಯಾಳುವನ್ನು ಆಸ್ಪತ್ರೆಗೆ ದಾಖಲಿಸಲಾಗಿದೆ. ಪೊಲೀಸರು ಪ್ರಕರಣ ದಾಖಲಿಸಿಕೊಂಡಿದ್ದಾರೆ.

ಸ್ವರ್ಗಕ್ಕೆ ಹೋದರಣ ಕೇಸ್, ಪರಿಶೀಲನೆ

ಪ್ರಕರಣದ ಕುರಿತು ಅಧಿಕಾರಿಗಳು ಪರಿಶೀಲನೆ ನಡೆಸುತ್ತಿದ್ದಾರೆ.

ಸೂಕ್ತ ಕ್ರಮ ಕೈಗೊಳ್ಳಲಾಗುವುದು ಎಂದು ಭರವಸೆ ನೀಡಿದ್ದಾರೆ.
